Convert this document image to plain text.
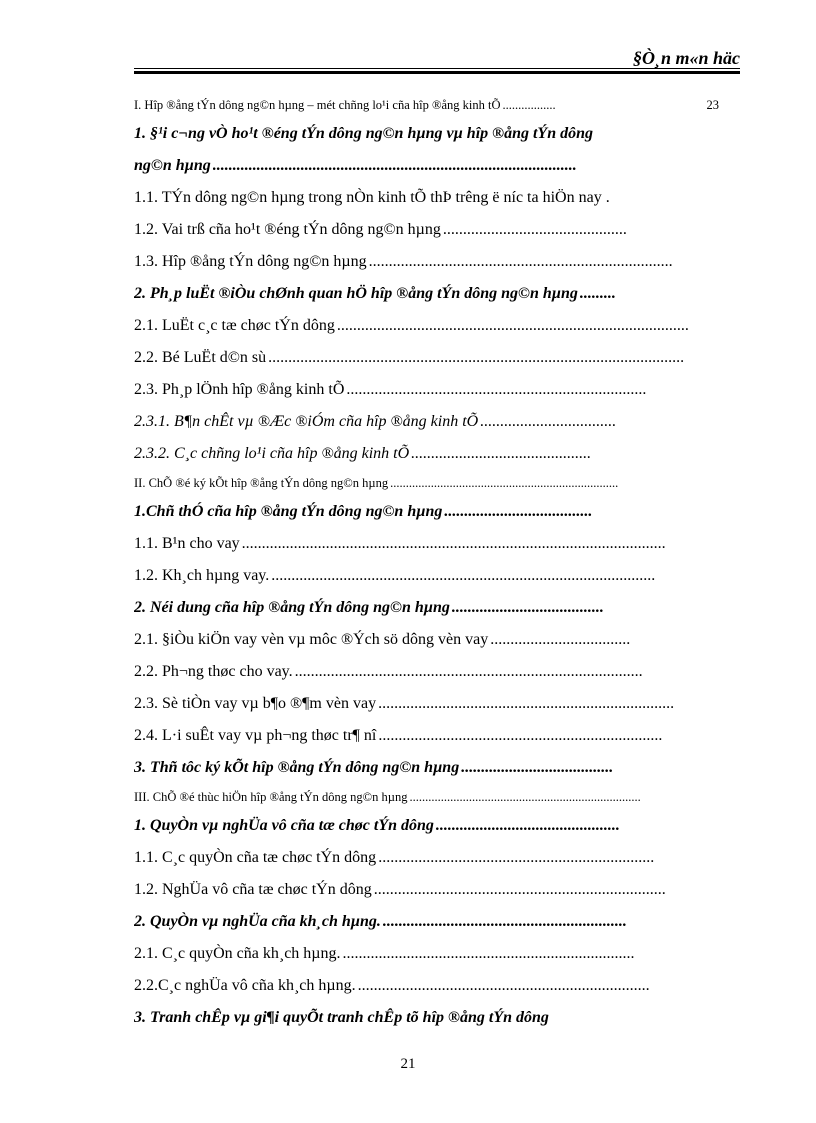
§Ò¸n m«n häc
I. Hîp ®ång tÝn dông ng©n hµng – mét chñng lo¹i cña hîp ®ång kinh tÕ .................	23
1. §¹i c¬ng vÒ ho¹t ®éng tÝn dông ng©n hµng vµ hîp ®ång tÝn dông
ng©n hµng ...........................................................................................
1.1. TÝn dông ng©n hµng trong nÒn kinh tÕ thÞ trêng ë níc ta hiÖn nay .
1.2. Vai trß cña ho¹t ®éng tÝn dông ng©n hµng ..............................................
1.3. Hîp ®ång tÝn dông ng©n hµng ............................................................................
2. Ph¸p luËt ®iÒu chØnh quan hÖ hîp ®ång tÝn dông ng©n hµng .........
2.1. LuËt c¸c tæ chøc tÝn dông ........................................................................................
2.2. Bé LuËt d©n sù ........................................................................................................
2.3. Ph¸p lÖnh hîp ®ång kinh tÕ ...........................................................................
2.3.1. B¶n chÊt vµ ®Æc ®iÓm cña hîp ®ång kinh tÕ ..................................
2.3.2. C¸c chñng lo¹i cña hîp ®ång kinh tÕ .............................................
II. ChÕ ®é ký kÕt hîp ®ång tÝn dông ng©n hµng .........................................................................
1.Chñ thÓ cña hîp ®ång tÝn dông ng©n hµng .....................................
1.1. B¹n cho vay ..........................................................................................................
1.2. Kh¸ch hµng vay. ................................................................................................
2. Néi dung cña hîp ®ång tÝn dông ng©n hµng ......................................
2.1. §iÒu kiÖn vay vèn vµ môc ®Ých sö dông vèn vay ...................................
2.2. Ph¬ng thøc cho vay. .......................................................................................
2.3. Sè tiÒn vay vµ b¶o ®¶m vèn vay ..........................................................................
2.4. L·i suÊt vay vµ ph¬ng thøc tr¶ nî .......................................................................
3. Thñ tôc ký kÕt hîp ®ång tÝn dông ng©n hµng ......................................
III. ChÕ ®é thùc hiÖn hîp ®ång tÝn dông ng©n hµng ..........................................................................
1. QuyÒn vµ nghÜa vô cña tæ chøc tÝn dông ..............................................
1.1. C¸c quyÒn cña tæ chøc tÝn dông .....................................................................
1.2. NghÜa vô cña tæ chøc tÝn dông .........................................................................
2. QuyÒn vµ nghÜa cña kh¸ch hµng. .............................................................
2.1. C¸c quyÒn cña kh¸ch hµng. .........................................................................
2.2.C¸c nghÜa vô cña kh¸ch hµng. .........................................................................
3. Tranh chÊp vµ gi¶i quyÕt tranh chÊp tõ hîp ®ång tÝn dông
21
